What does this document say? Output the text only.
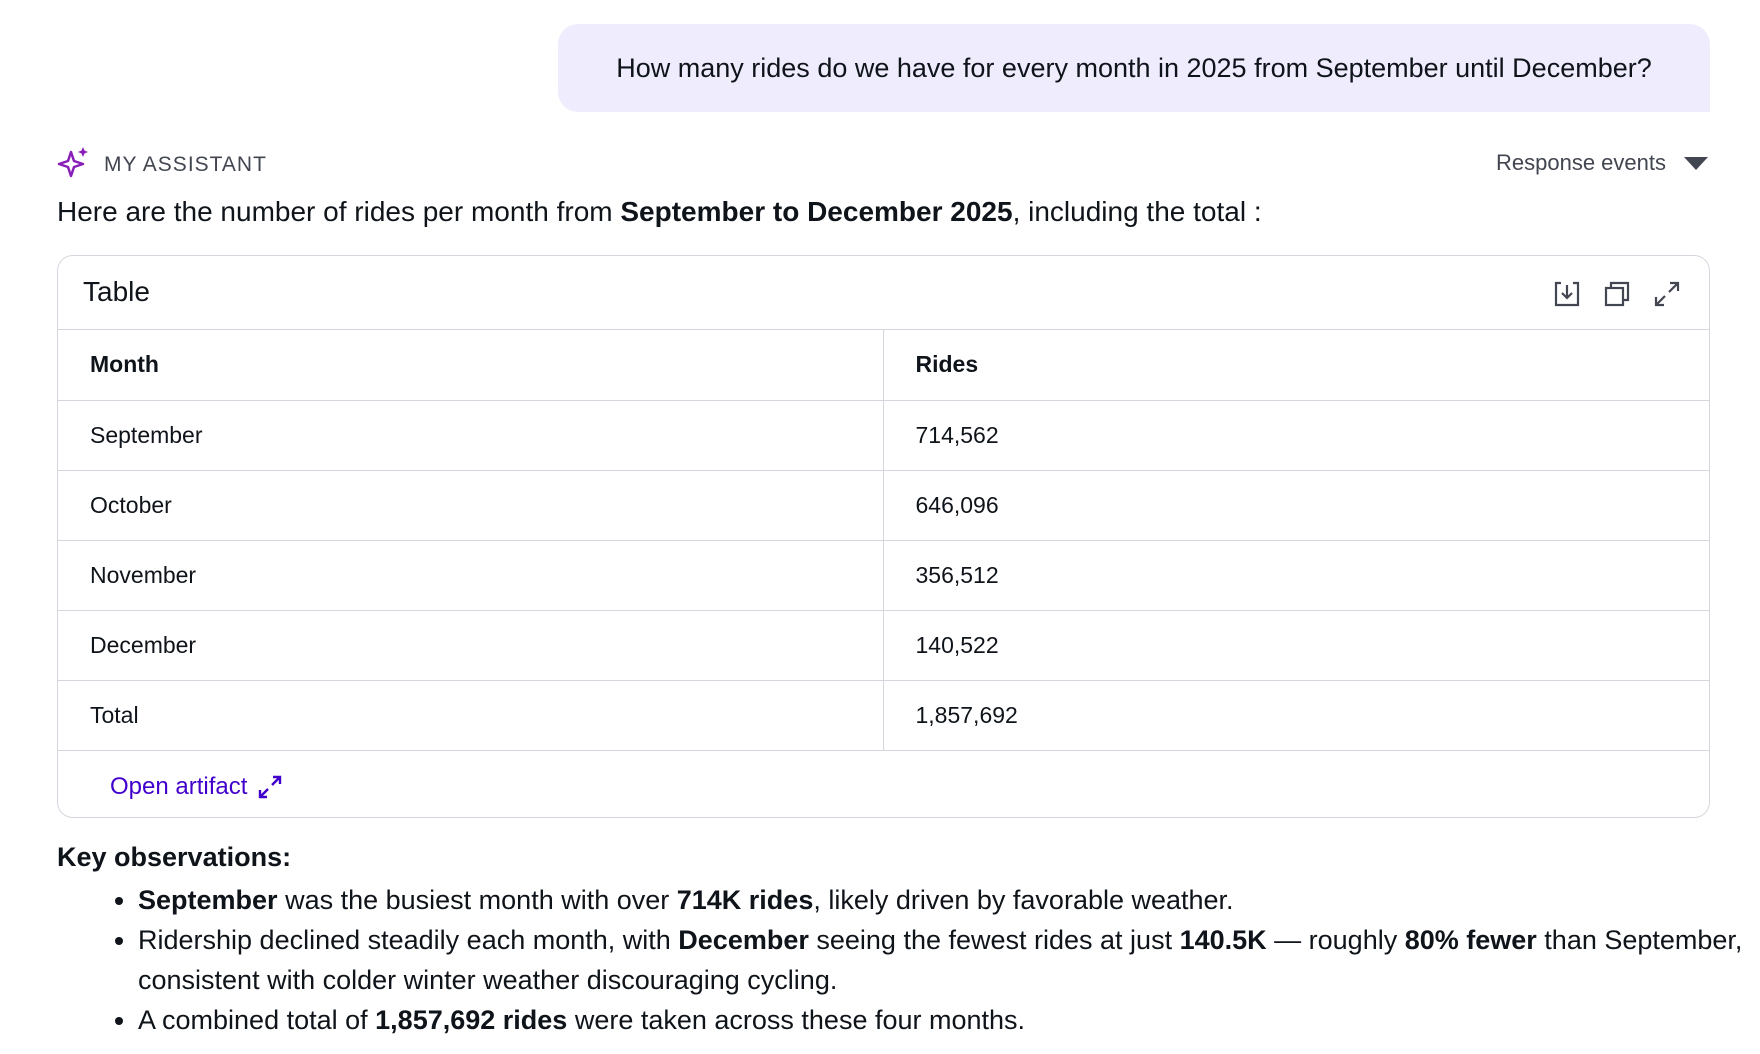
How many rides do we have for every month in 2025 from September until December?
MY ASSISTANT	Response events
Here are the number of rides per month from September to December 2025, including the total :
Table
Month	Rides
September	714,562
October	646,096
November	356,512
December	140,522
Total	1,857,692
Open artifact
Key observations:
• September was the busiest month with over 714K rides, likely driven by favorable weather.
• Ridership declined steadily each month, with December seeing the fewest rides at just 140.5K — roughly 80% fewer than September, consistent with colder winter weather discouraging cycling.
• A combined total of 1,857,692 rides were taken across these four months.
